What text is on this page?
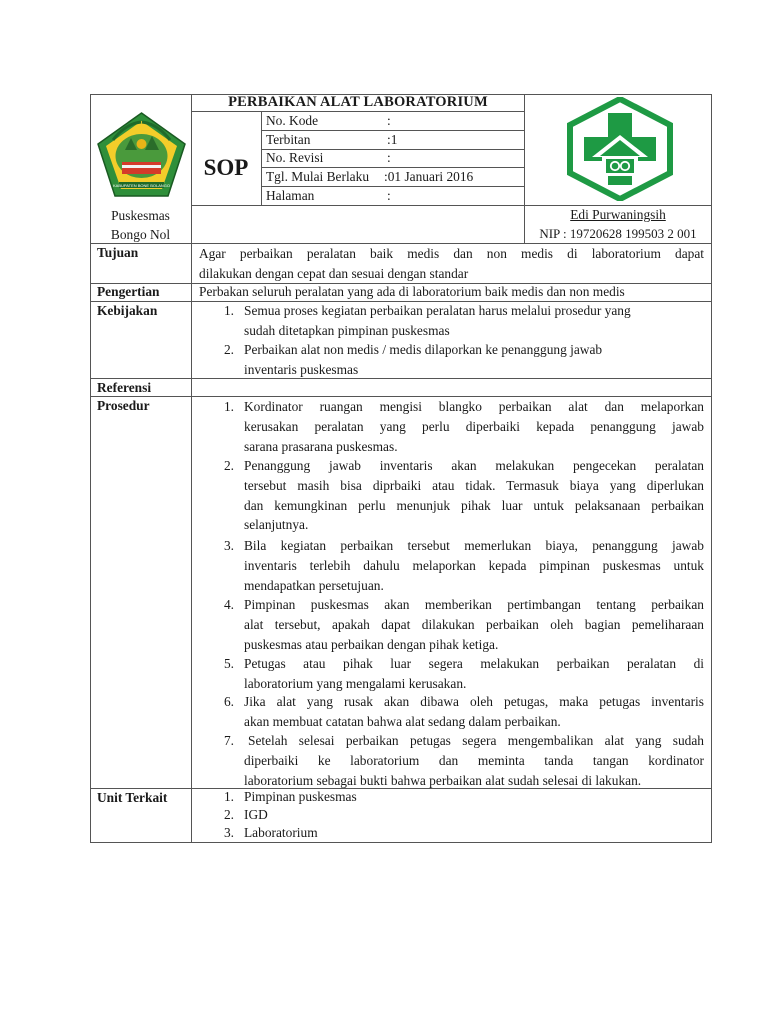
KABUPATEN BONE BOLANGO
PERBAIKAN ALAT LABORATORIUM
SOP
No. Kode	:
Terbitan	:1
No. Revisi	:
Tgl. Mulai Berlaku :01 Januari 2016
Halaman	:
Puskesmas
Bongo Nol
Edi Purwaningsih
NIP : 19720628 199503 2 001
Tujuan	Agar perbaikan peralatan baik medis dan non medis di laboratorium dapat

dilakukan dengan cepat dan sesuai dengan standar

Pengertian	Perbakan seluruh peralatan yang ada di laboratorium baik medis dan non medis
Kebijakan	1. Semua proses kegiatan perbaikan peralatan harus melalui prosedur yang

sudah ditetapkan pimpinan puskesmas

2. Perbaikan alat non medis / medis dilaporkan ke penanggung jawab

inventaris puskesmas

Referensi
Prosedur	1. Kordinator ruangan mengisi blangko perbaikan alat dan melaporkan

kerusakan peralatan yang perlu diperbaiki kepada penanggung jawab

sarana prasarana puskesmas.

2. Penanggung jawab inventaris akan melakukan pengecekan peralatan

tersebut masih bisa diprbaiki atau tidak. Termasuk biaya yang diperlukan

dan kemungkinan perlu menunjuk pihak luar untuk pelaksanaan perbaikan

selanjutnya.

3. Bila kegiatan perbaikan tersebut memerlukan biaya, penanggung jawab

inventaris terlebih dahulu melaporkan kepada pimpinan puskesmas untuk

mendapatkan persetujuan.

4. Pimpinan puskesmas akan memberikan pertimbangan tentang perbaikan

alat tersebut, apakah dapat dilakukan perbaikan oleh bagian pemeliharaan

puskesmas atau perbaikan dengan pihak ketiga.

5. Petugas atau pihak luar segera melakukan perbaikan peralatan di

laboratorium yang mengalami kerusakan.

6. Jika alat yang rusak akan dibawa oleh petugas, maka petugas inventaris

akan membuat catatan bahwa alat sedang dalam perbaikan.

7. Setelah selesai perbaikan petugas segera mengembalikan alat yang sudah

diperbaiki ke laboratorium dan meminta tanda tangan kordinator

laboratorium sebagai bukti bahwa perbaikan alat sudah selesai di lakukan.

Unit Terkait	1. Pimpinan puskesmas
2. IGD
3. Laboratorium
